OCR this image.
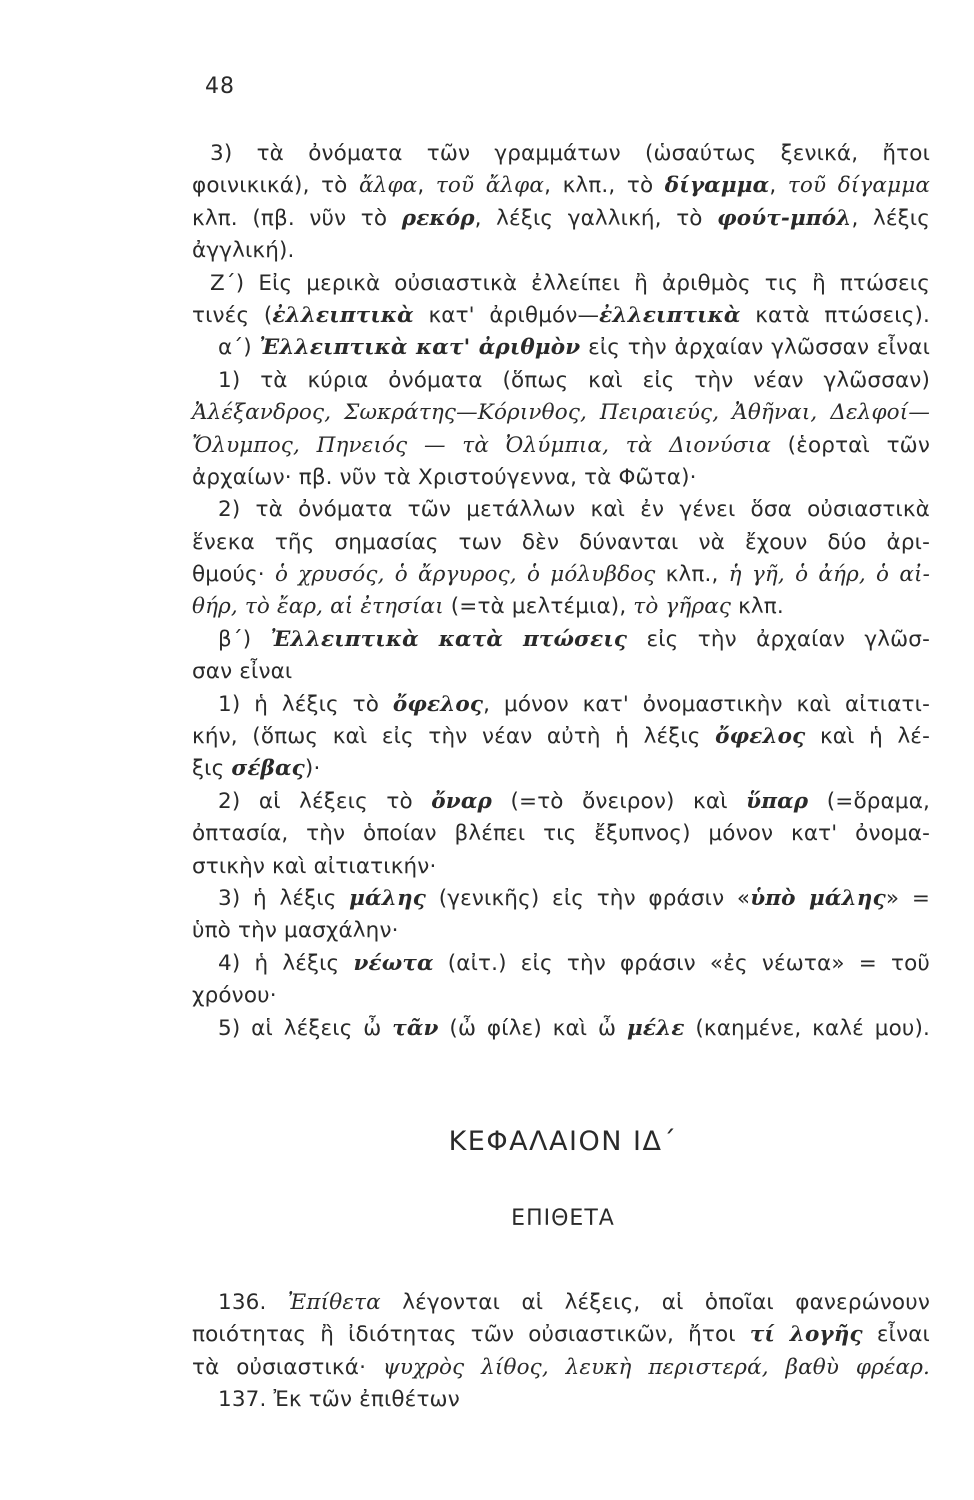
48
3) τὰ ὀνόματα τῶν γραμμάτων (ὡσαύτως ξενικά, ἤτοι
φοινικικά), τὸ ἄλφα, τοῦ ἄλφα, κλπ., τὸ δίγαμμα, τοῦ δίγαμμα
κλπ. (πβ. νῦν τὸ ρεκόρ, λέξις γαλλική, τὸ φούτ-μπόλ, λέξις
ἀγγλική).
Ζ΄) Εἰς μερικὰ οὐσιαστικὰ ἐλλείπει ἢ ἀριθμὸς τις ἢ πτώσεις
τινές (ἐλλειπτικὰ κατ' ἀριθμόν—ἐλλειπτικὰ κατὰ πτώσεις).
α΄) Ἐλλειπτικὰ κατ' ἀριθμὸν εἰς τὴν ἀρχαίαν γλῶσσαν εἶναι
1) τὰ κύρια ὀνόματα (ὅπως καὶ εἰς τὴν νέαν γλῶσσαν)
Ἀλέξανδρος, Σωκράτης—Κόρινθος, Πειραιεύς, Ἀθῆναι, Δελφοί—
Ὄλυμπος, Πηνειός — τὰ Ὀλύμπια, τὰ Διονύσια (ἑορταὶ τῶν
ἀρχαίων· πβ. νῦν τὰ Χριστούγεννα, τὰ Φῶτα)·
2) τὰ ὀνόματα τῶν μετάλλων καὶ ἐν γένει ὅσα οὐσιαστικὰ
ἕνεκα τῆς σημασίας των δὲν δύνανται νὰ ἔχουν δύο ἀρι-
θμούς· ὁ χρυσός, ὁ ἄργυρος, ὁ μόλυβδος κλπ., ἡ γῆ, ὁ ἀήρ, ὁ αἰ-
θήρ, τὸ ἔαρ, αἱ ἐτησίαι (=τὰ μελτέμια), τὸ γῆρας κλπ.
β΄) Ἐλλειπτικὰ κατὰ πτώσεις εἰς τὴν ἀρχαίαν γλῶσ-
σαν εἶναι
1) ἡ λέξις τὸ ὄφελος, μόνον κατ' ὀνομαστικὴν καὶ αἰτιατι-
κήν, (ὅπως καὶ εἰς τὴν νέαν αὐτὴ ἡ λέξις ὄφελος καὶ ἡ λέ-
ξις σέβας)·
2) αἱ λέξεις τὸ ὄναρ (=τὸ ὄνειρον) καὶ ὕπαρ (=ὅραμα,
ὀπτασία, τὴν ὁποίαν βλέπει τις ἔξυπνος) μόνον κατ' ὀνομα-
στικὴν καὶ αἰτιατικήν·
3) ἡ λέξις μάλης (γενικῆς) εἰς τὴν φράσιν «ὑπὸ μάλης» =
ὑπὸ τὴν μασχάλην·
4) ἡ λέξις νέωτα (αἰτ.) εἰς τὴν φράσιν «ἐς νέωτα» = τοῦ
χρόνου·
5) αἱ λέξεις ὦ τᾶν (ὦ φίλε) καὶ ὦ μέλε (καημένε, καλέ μου).
ΚΕΦΑΛΑΙΟΝ ΙΔ΄
ΕΠΙΘΕΤΑ
136. Ἐπίθετα λέγονται αἱ λέξεις, αἱ ὁποῖαι φανερώνουν
ποιότητας ἢ ἰδιότητας τῶν οὐσιαστικῶν, ἤτοι τί λογῆς εἶναι
τὰ οὐσιαστικά· ψυχρὸς λίθος, λευκὴ περιστερά, βαθὺ φρέαρ.
137. Ἐκ τῶν ἐπιθέτων
